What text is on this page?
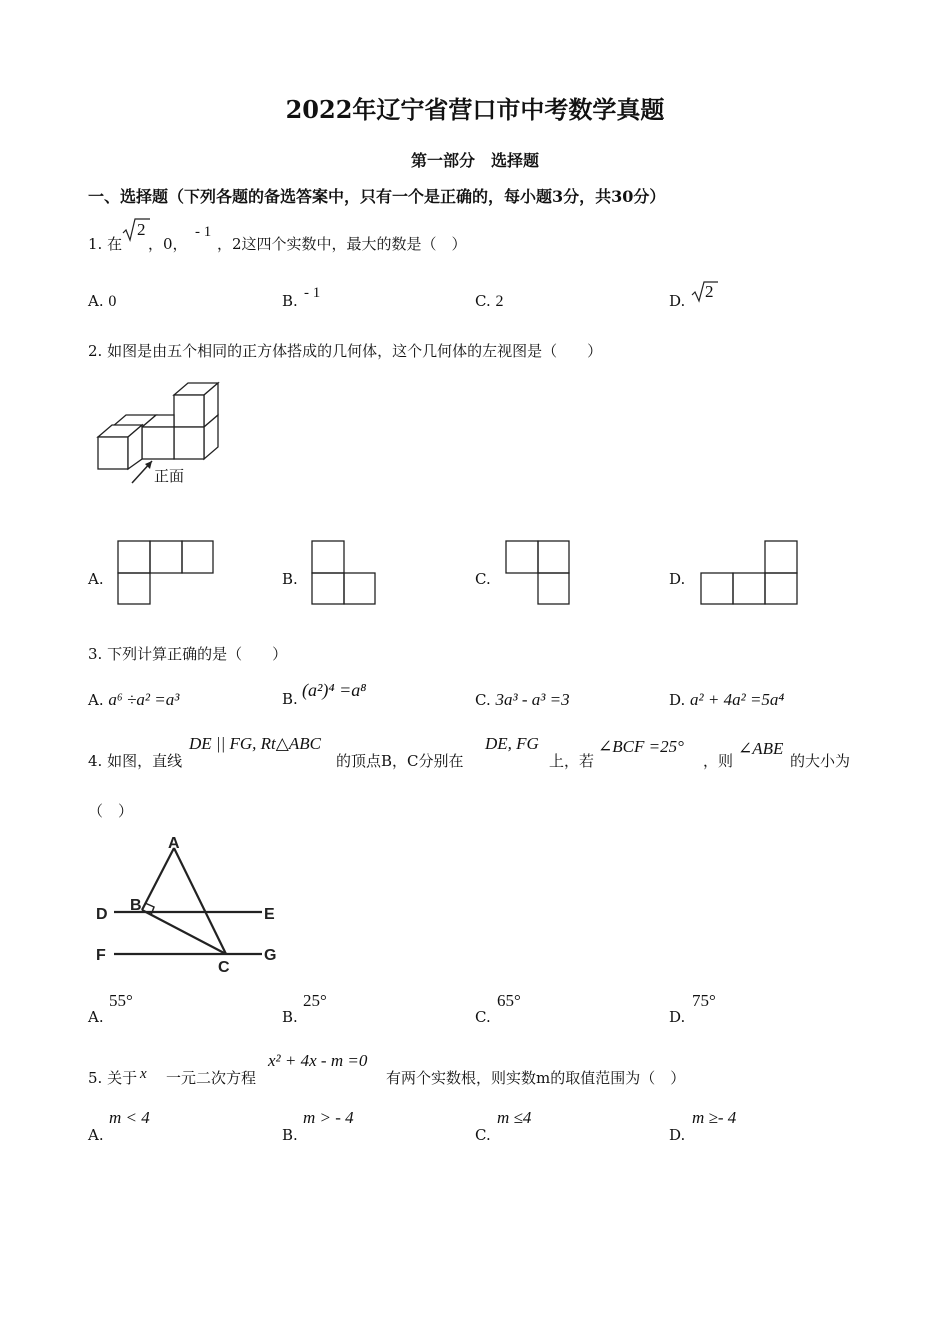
2022年辽宁省营口市中考数学真题
第一部分　选择题
一、选择题（下列各题的备选答案中，只有一个是正确的，每小题3分，共30分）
1. 在
2
，0，
- 1
，2这四个实数中，最大的数是（　）
A. 0	B. - 1	C. 2	D. 2
2. 如图是由五个相同的正方体搭成的几何体，这个几何体的左视图是（　　）
正面
A.	B.	C.	D.
3. 下列计算正确的是（　　）
A. a⁶ ÷a² =a³	B. (a²)⁴ =a⁸	C. 3a³ - a³ =3	D. a² + 4a² =5a⁴
4. 如图，直线
DE || FG, Rt△ABC
的顶点B，C分别在
DE, FG
上，若
∠BCF =25°
，则
∠ABE
的大小为
（　）
A
B
C
D	E
F	G
A.
55°
B.
25°
C.
65°
D.
75°
5. 关于 x 一元二次方程
x² + 4x - m =0
有两个实数根，则实数m的取值范围为（　）
A.
m < 4
B.
m > - 4
C.
m ≤4
D.
m ≥- 4
